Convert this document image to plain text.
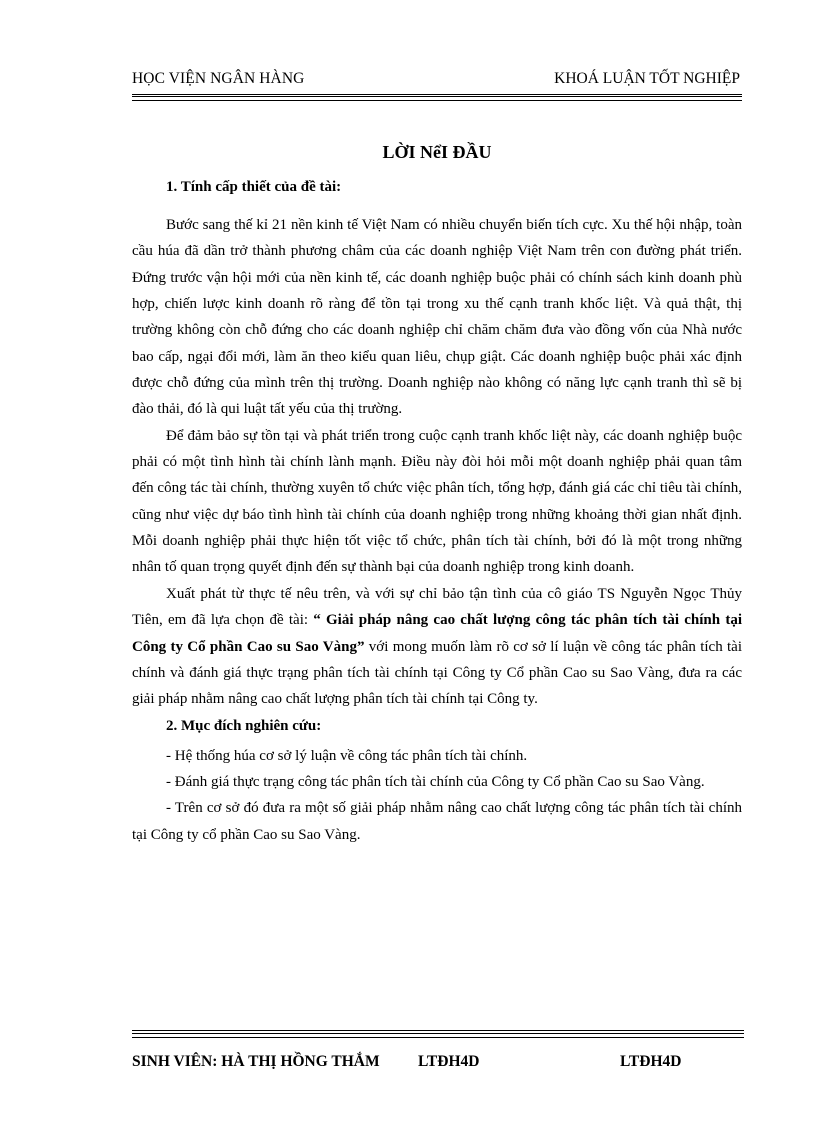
HỌC VIỆN NGÂN HÀNG	KHOÁ LUẬN TỐT NGHIỆP
LỜI NểI ĐẦU
1. Tính cấp thiết của đề tài:

Bước sang thế kỉ 21 nền kinh tế Việt Nam có nhiều chuyển biến tích cực. Xu thế hội nhập, toàn cầu húa đã dần trở thành phương châm của các doanh nghiệp Việt Nam trên con đường phát triển. Đứng trước vận hội mới của nền kinh tế, các doanh nghiệp buộc phải có chính sách kinh doanh phù hợp, chiến lược kinh doanh rõ ràng để tồn tại trong xu thế cạnh tranh khốc liệt. Và quả thật, thị trường không còn chỗ đứng cho các doanh nghiệp chỉ chăm chăm đưa vào đồng vốn của Nhà nước bao cấp, ngại đổi mới, làm ăn theo kiểu quan liêu, chụp giật. Các doanh nghiệp buộc phải xác định được chỗ đứng của mình trên thị trường. Doanh nghiệp nào không có năng lực cạnh tranh thì sẽ bị đào thải, đó là qui luật tất yếu của thị trường.

Để đảm bảo sự tồn tại và phát triển trong cuộc cạnh tranh khốc liệt này, các doanh nghiệp buộc phải có một tình hình tài chính lành mạnh. Điều này đòi hỏi mỗi một doanh nghiệp phải quan tâm đến công tác tài chính, thường xuyên tổ chức việc phân tích, tổng hợp, đánh giá các chỉ tiêu tài chính, cũng như việc dự báo tình hình tài chính của doanh nghiệp trong những khoảng thời gian nhất định. Mỗi doanh nghiệp phải thực hiện tốt việc tổ chức, phân tích tài chính, bởi đó là một trong những nhân tố quan trọng quyết định đến sự thành bại của doanh nghiệp trong kinh doanh.

Xuất phát từ thực tế nêu trên, và với sự chỉ bảo tận tình của cô giáo TS Nguyễn Ngọc Thủy Tiên, em đã lựa chọn đề tài: “ Giải pháp nâng cao chất lượng công tác phân tích tài chính tại Công ty Cổ phần Cao su Sao Vàng” với mong muốn làm rõ cơ sở lí luận về công tác phân tích tài chính và đánh giá thực trạng phân tích tài chính tại Công ty Cổ phần Cao su Sao Vàng, đưa ra các giải pháp nhằm nâng cao chất lượng phân tích tài chính tại Công ty.

2. Mục đích nghiên cứu:

- Hệ thống húa cơ sở lý luận về công tác phân tích tài chính.

- Đánh giá thực trạng công tác phân tích tài chính của Công ty Cổ phần Cao su Sao Vàng.

- Trên cơ sở đó đưa ra một số giải pháp nhằm nâng cao chất lượng công tác phân tích tài chính tại Công ty cổ phần Cao su Sao Vàng.

SINH VIÊN: HÀ THỊ HỒNG THẮM LTĐH4D	LTĐH4D
